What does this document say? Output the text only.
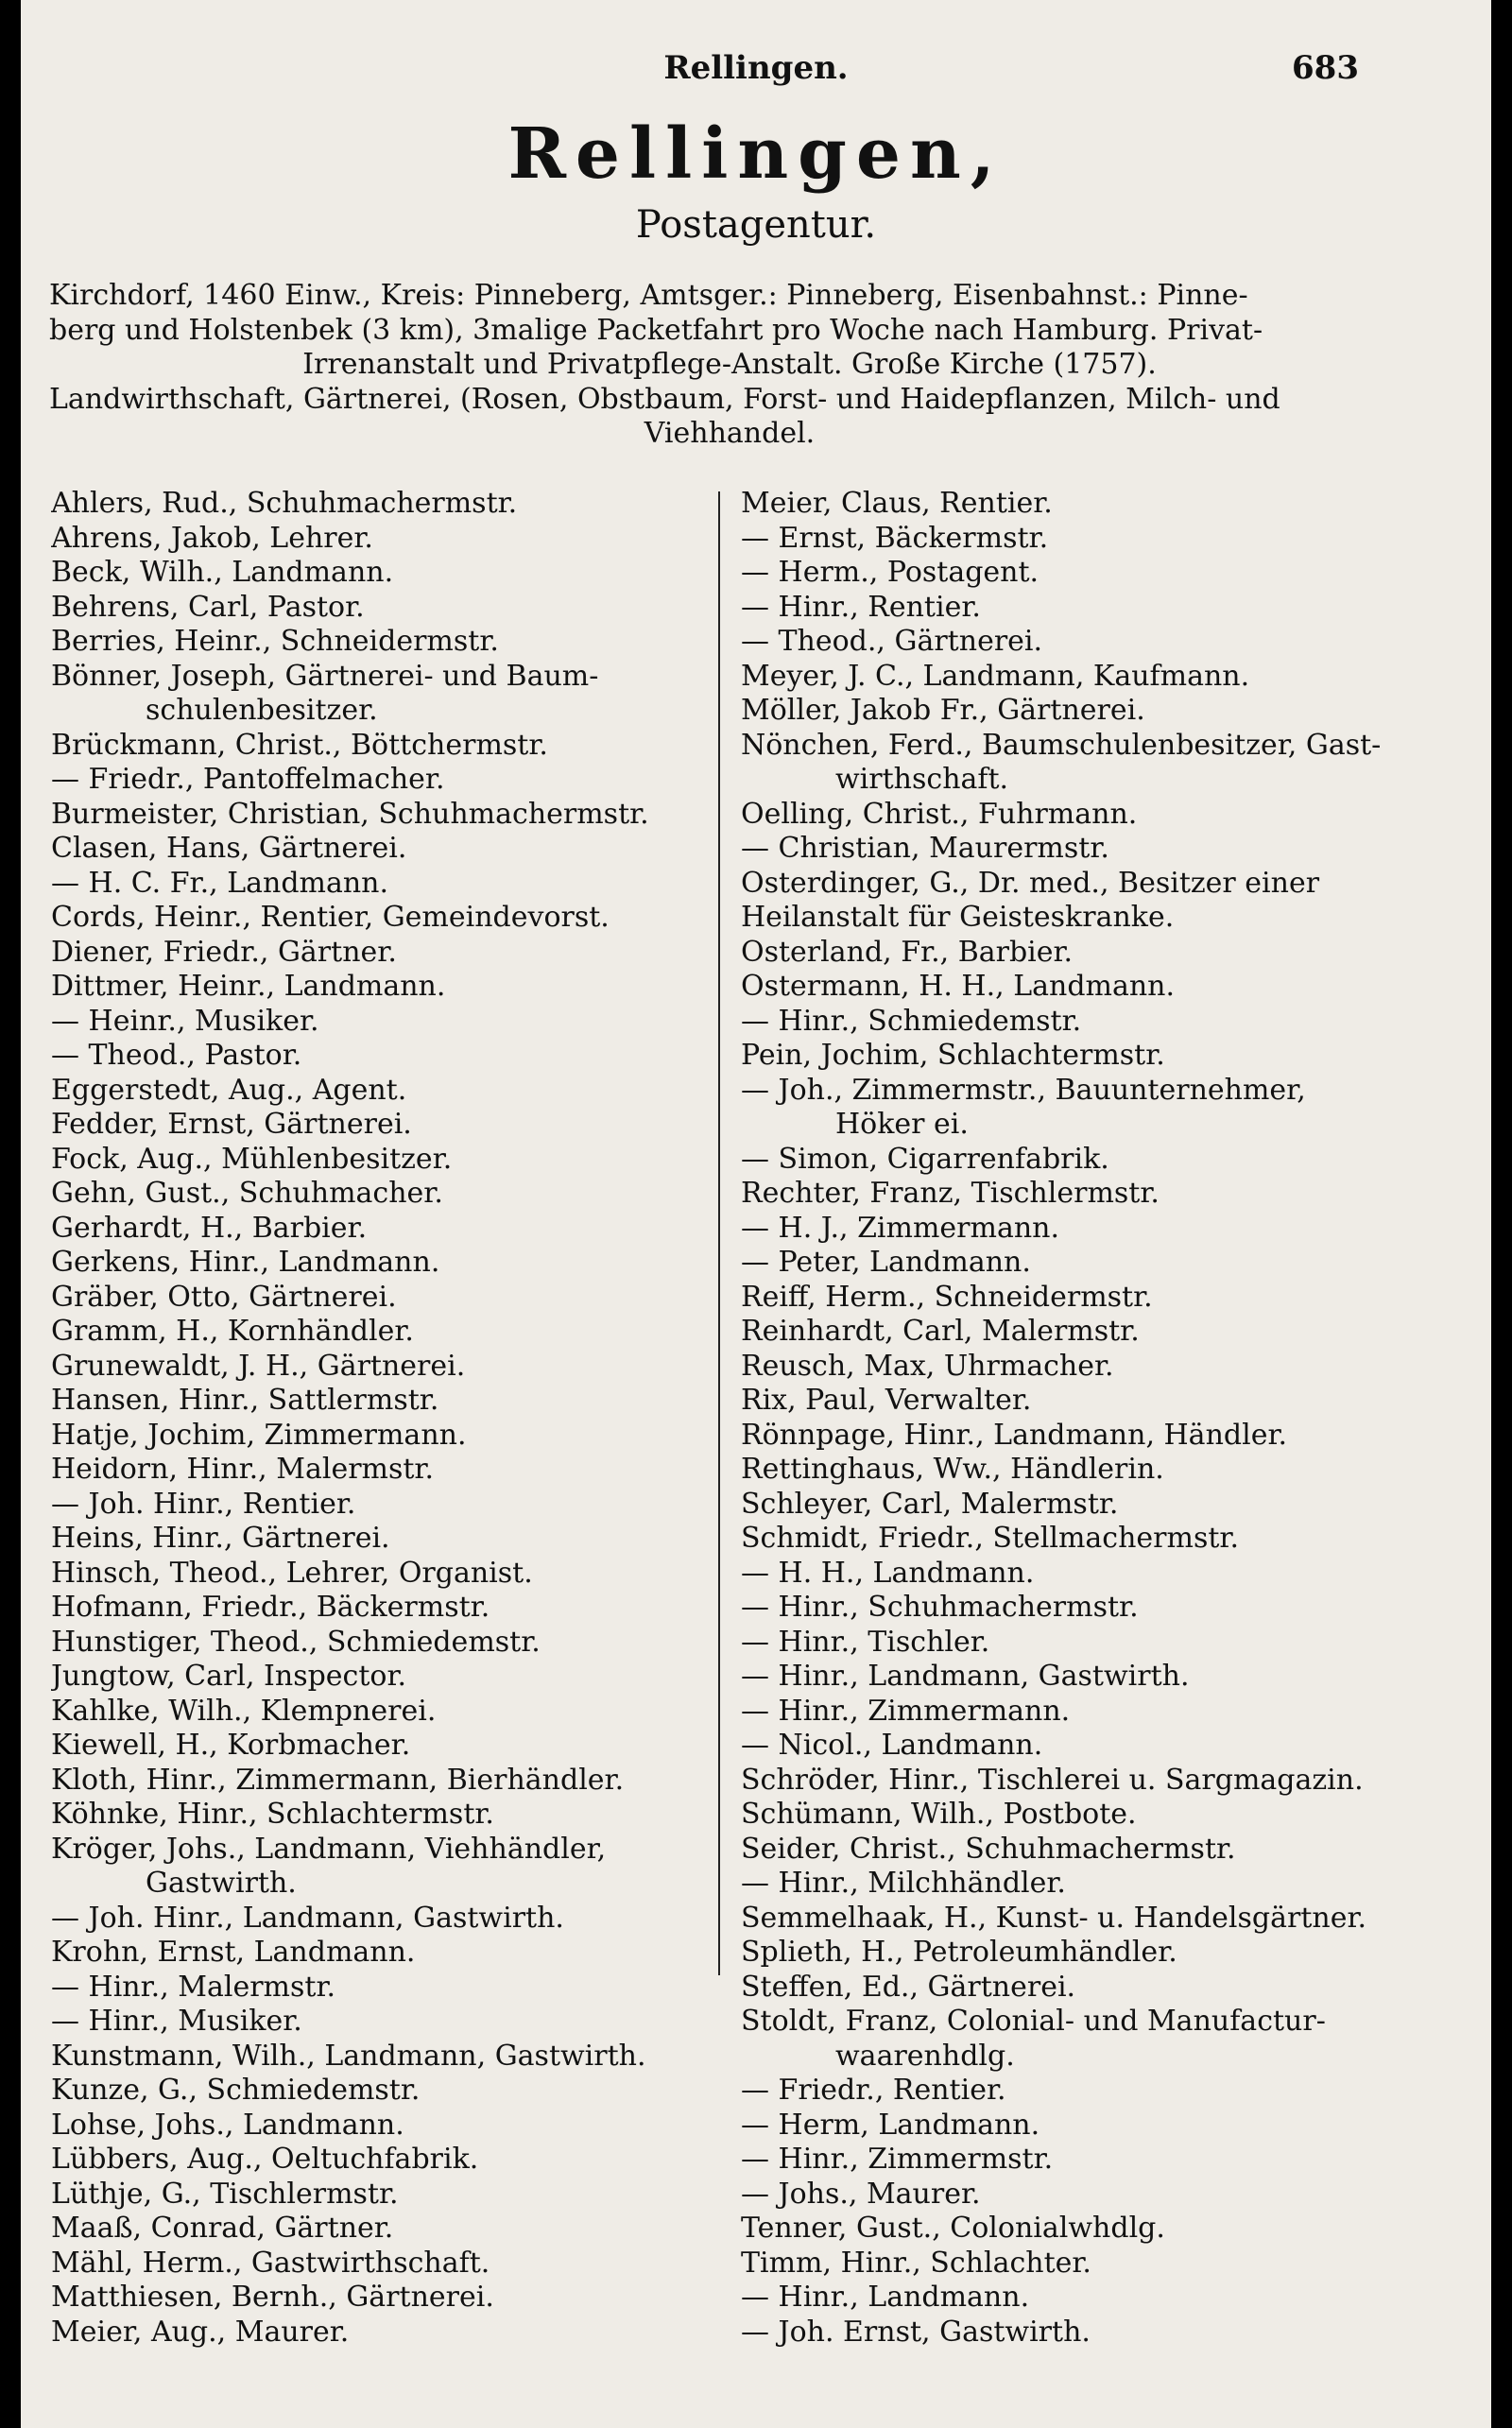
Rellingen.	683
Rellingen,
Postagentur.

Kirchdorf, 1460 Einw., Kreis: Pinneberg, Amtsger.: Pinneberg, Eisenbahnst.: Pinne-

berg und Holstenbek (3 km), 3malige Packetfahrt pro Woche nach Hamburg. Privat-

Irrenanstalt und Privatpflege-Anstalt. Große Kirche (1757).

Landwirthschaft, Gärtnerei, (Rosen, Obstbaum, Forst- und Haidepflanzen, Milch- und

Viehhandel.

Ahlers, Rud., Schuhmachermstr.
Ahrens, Jakob, Lehrer.
Beck, Wilh., Landmann.
Behrens, Carl, Pastor.
Berries, Heinr., Schneidermstr.
Bönner, Joseph, Gärtnerei- und Baum-
schulenbesitzer.
Brückmann, Christ., Böttchermstr.
— Friedr., Pantoffelmacher.
Burmeister, Christian, Schuhmachermstr.
Clasen, Hans, Gärtnerei.
— H. C. Fr., Landmann.
Cords, Heinr., Rentier, Gemeindevorst.
Diener, Friedr., Gärtner.
Dittmer, Heinr., Landmann.
— Heinr., Musiker.
— Theod., Pastor.
Eggerstedt, Aug., Agent.
Fedder, Ernst, Gärtnerei.
Fock, Aug., Mühlenbesitzer.
Gehn, Gust., Schuhmacher.
Gerhardt, H., Barbier.
Gerkens, Hinr., Landmann.
Gräber, Otto, Gärtnerei.
Gramm, H., Kornhändler.
Grunewaldt, J. H., Gärtnerei.
Hansen, Hinr., Sattlermstr.
Hatje, Jochim, Zimmermann.
Heidorn, Hinr., Malermstr.
— Joh. Hinr., Rentier.
Heins, Hinr., Gärtnerei.
Hinsch, Theod., Lehrer, Organist.
Hofmann, Friedr., Bäckermstr.
Hunstiger, Theod., Schmiedemstr.
Jungtow, Carl, Inspector.
Kahlke, Wilh., Klempnerei.
Kiewell, H., Korbmacher.
Kloth, Hinr., Zimmermann, Bierhändler.
Köhnke, Hinr., Schlachtermstr.
Kröger, Johs., Landmann, Viehhändler,
Gastwirth.
— Joh. Hinr., Landmann, Gastwirth.
Krohn, Ernst, Landmann.
— Hinr., Malermstr.
— Hinr., Musiker.
Kunstmann, Wilh., Landmann, Gastwirth.
Kunze, G., Schmiedemstr.
Lohse, Johs., Landmann.
Lübbers, Aug., Oeltuchfabrik.
Lüthje, G., Tischlermstr.
Maaß, Conrad, Gärtner.
Mähl, Herm., Gastwirthschaft.
Matthiesen, Bernh., Gärtnerei.
Meier, Aug., Maurer.
Meier, Claus, Rentier.
— Ernst, Bäckermstr.
— Herm., Postagent.
— Hinr., Rentier.
— Theod., Gärtnerei.
Meyer, J. C., Landmann, Kaufmann.
Möller, Jakob Fr., Gärtnerei.
Nönchen, Ferd., Baumschulenbesitzer, Gast-
wirthschaft.
Oelling, Christ., Fuhrmann.
— Christian, Maurermstr.
Osterdinger, G., Dr. med., Besitzer einer
Heilanstalt für Geisteskranke.
Osterland, Fr., Barbier.
Ostermann, H. H., Landmann.
— Hinr., Schmiedemstr.
Pein, Jochim, Schlachtermstr.
— Joh., Zimmermstr., Bauunternehmer,
Höker ei.
— Simon, Cigarrenfabrik.
Rechter, Franz, Tischlermstr.
— H. J., Zimmermann.
— Peter, Landmann.
Reiff, Herm., Schneidermstr.
Reinhardt, Carl, Malermstr.
Reusch, Max, Uhrmacher.
Rix, Paul, Verwalter.
Rönnpage, Hinr., Landmann, Händler.
Rettinghaus, Ww., Händlerin.
Schleyer, Carl, Malermstr.
Schmidt, Friedr., Stellmachermstr.
— H. H., Landmann.
— Hinr., Schuhmachermstr.
— Hinr., Tischler.
— Hinr., Landmann, Gastwirth.
— Hinr., Zimmermann.
— Nicol., Landmann.
Schröder, Hinr., Tischlerei u. Sargmagazin.
Schümann, Wilh., Postbote.
Seider, Christ., Schuhmachermstr.
— Hinr., Milchhändler.
Semmelhaak, H., Kunst- u. Handelsgärtner.
Splieth, H., Petroleumhändler.
Steffen, Ed., Gärtnerei.
Stoldt, Franz, Colonial- und Manufactur-
waarenhdlg.
— Friedr., Rentier.
— Herm, Landmann.
— Hinr., Zimmermstr.
— Johs., Maurer.
Tenner, Gust., Colonialwhdlg.
Timm, Hinr., Schlachter.
— Hinr., Landmann.
— Joh. Ernst, Gastwirth.
